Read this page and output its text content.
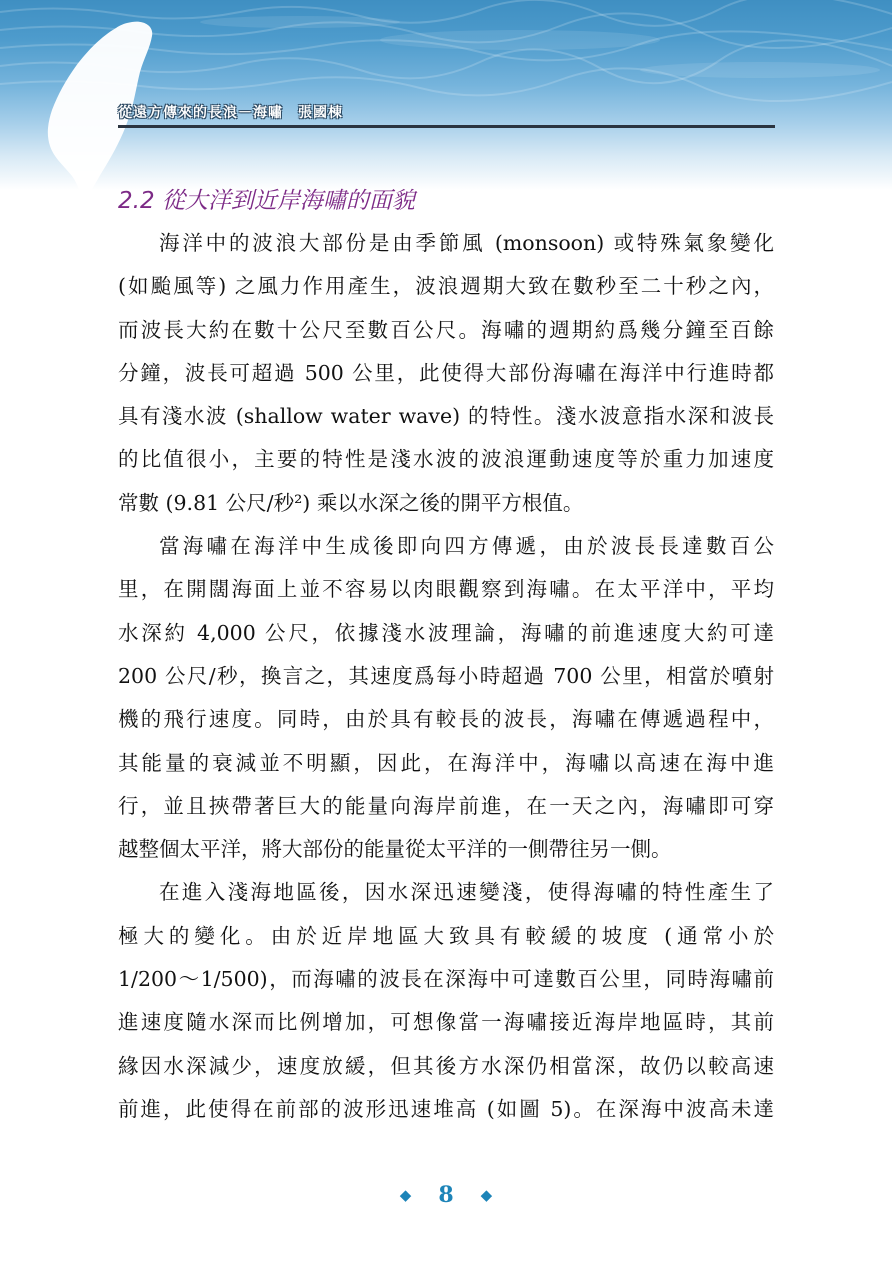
從遠方傳來的長浪－海嘯　張國棟
2.2 從大洋到近岸海嘯的面貌
海洋中的波浪大部份是由季節風 (monsoon) 或特殊氣象變化
(如颱風等) 之風力作用產生，波浪週期大致在數秒至二十秒之內，
而波長大約在數十公尺至數百公尺。海嘯的週期約爲幾分鐘至百餘
分鐘，波長可超過 500 公里，此使得大部份海嘯在海洋中行進時都
具有淺水波 (shallow water wave) 的特性。淺水波意指水深和波長
的比值很小，主要的特性是淺水波的波浪運動速度等於重力加速度
常數 (9.81 公尺/秒²) 乘以水深之後的開平方根值。
當海嘯在海洋中生成後即向四方傳遞，由於波長長達數百公
里，在開闊海面上並不容易以肉眼觀察到海嘯。在太平洋中，平均
水深約 4,000 公尺，依據淺水波理論，海嘯的前進速度大約可達
200 公尺/秒，換言之，其速度爲每小時超過 700 公里，相當於噴射
機的飛行速度。同時，由於具有較長的波長，海嘯在傳遞過程中，
其能量的衰減並不明顯，因此，在海洋中，海嘯以高速在海中進
行，並且挾帶著巨大的能量向海岸前進，在一天之內，海嘯即可穿
越整個太平洋，將大部份的能量從太平洋的一側帶往另一側。
在進入淺海地區後，因水深迅速變淺，使得海嘯的特性產生了
極大的變化。由於近岸地區大致具有較緩的坡度 (通常小於
1/200～1/500)，而海嘯的波長在深海中可達數百公里，同時海嘯前
進速度隨水深而比例增加，可想像當一海嘯接近海岸地區時，其前
緣因水深減少，速度放緩，但其後方水深仍相當深，故仍以較高速
前進，此使得在前部的波形迅速堆高 (如圖 5)。在深海中波高未達
◆ 8 ◆
